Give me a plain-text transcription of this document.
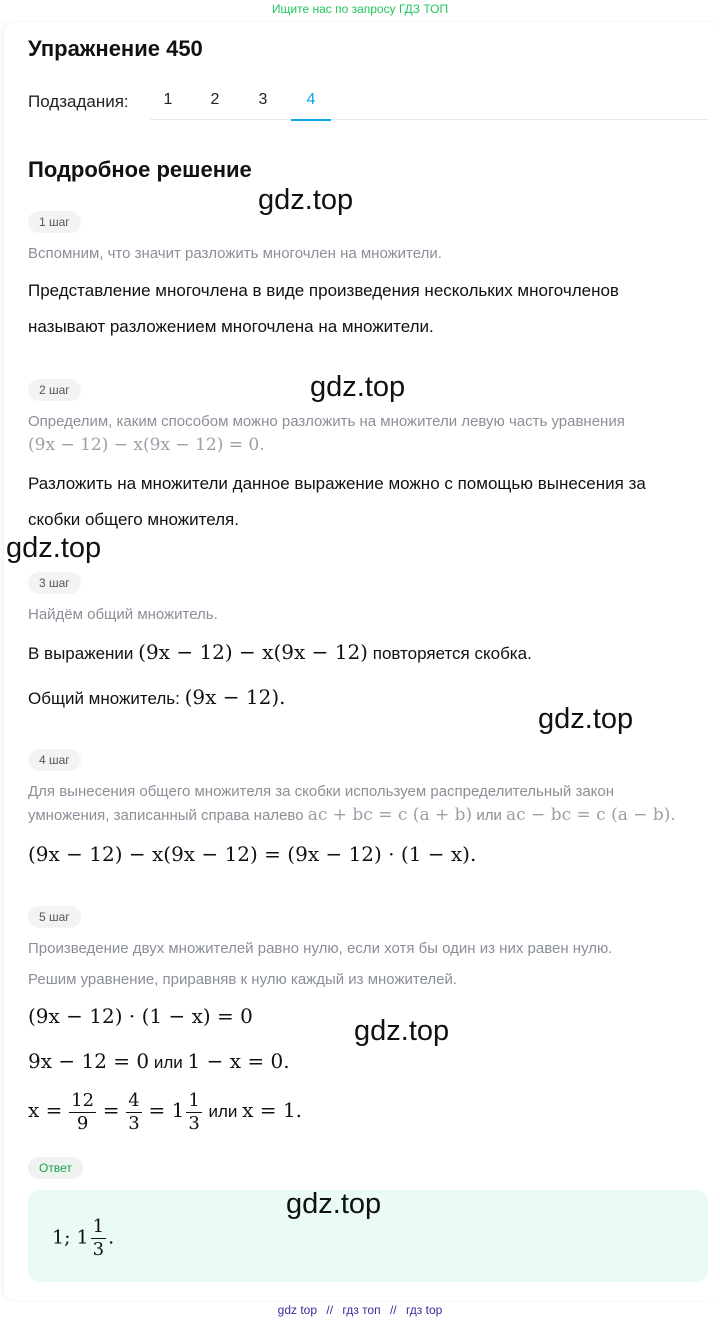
Ищите нас по запросу ГДЗ ТОП
Упражнение 450
Подзадания:	1	2	3	4
Подробное решение
1 шаг
Вспомним, что значит разложить многочлен на множители.
Представление многочлена в виде произведения нескольких многочленов
называют разложением многочлена на множители.
2 шаг
Определим, каким способом можно разложить на множители левую часть уравнения
(9x − 12) − x(9x − 12) = 0.
Разложить на множители данное выражение можно с помощью вынесения за
скобки общего множителя.
3 шаг
Найдём общий множитель.
В выражении (9x − 12) − x(9x − 12) повторяется скобка.
Общий множитель: (9x − 12).
4 шаг
Для вынесения общего множителя за скобки используем распределительный закон
умножения, записанный справа налево ac + bc = c (a + b) или ac − bc = c (a − b).
(9x − 12) − x(9x − 12) = (9x − 12) · (1 − x).
5 шаг
Произведение двух множителей равно нулю, если хотя бы один из них равен нулю.
Решим уравнение, приравняв к нулю каждый из множителей.
(9x − 12) · (1 − x) = 0
9x − 12 = 0 или 1 − x = 0.
$x = \frac{12}{9} = \frac{4}{3} = 1 \frac{1}{3}$ или x = 1.
Ответ
1; $1 \frac{1}{3}$ .
gdz.top
gdz.top
gdz.top
gdz.top
gdz.top
gdz.top
gdz top // гдз топ // гдз top
